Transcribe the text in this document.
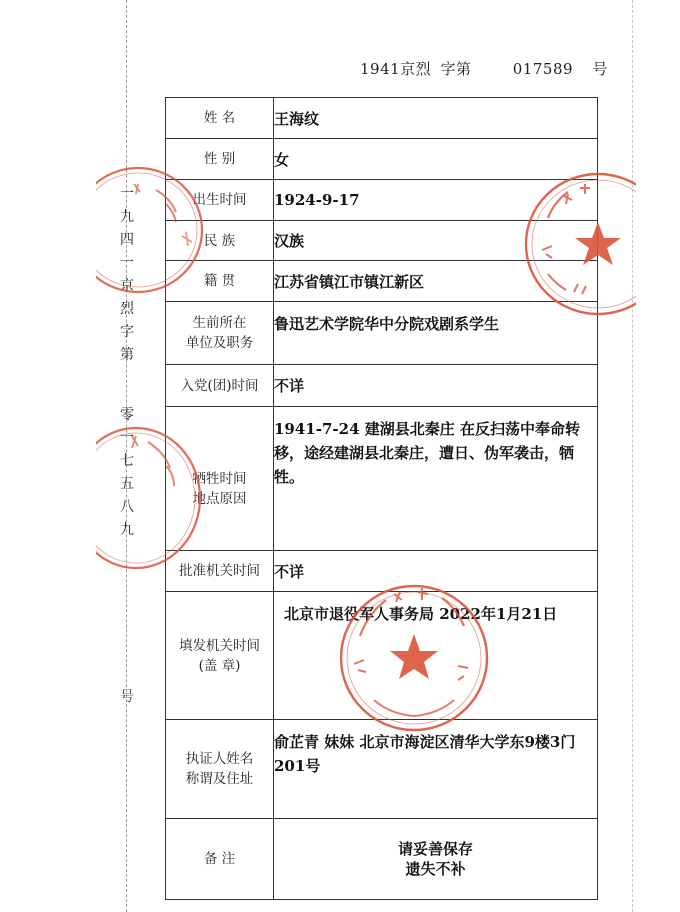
一
九
四
一
京
烈
字
第
零
一
七
五
八
九
号
1941京烈 字第	017589 号
姓 名	王海纹
性 别	女
出生时间	1924-9-17
民 族	汉族
籍 贯	江苏省镇江市镇江新区
生前所在
单位及职务	鲁迅艺术学院华中分院戏剧系学生
入党(团)时间	不详
牺牲时间
地点原因	1941-7-24 建湖县北秦庄 在反扫荡中奉命转移，途经建湖县北秦庄，遭日、伪军袭击，牺牲。
批准机关时间	不详
填发机关时间
(盖 章)	北京市退役军人事务局 2022年1月21日
执证人姓名
称谓及住址	俞芷青 妹妹 北京市海淀区清华大学东9楼3门201号
备 注	请妥善保存
遗失不补
